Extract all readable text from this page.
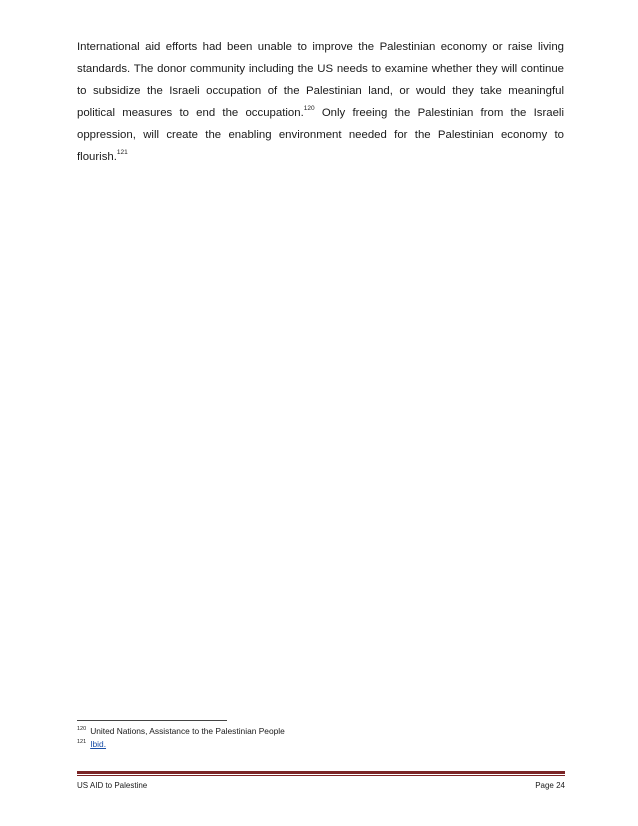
International aid efforts had been unable to improve the Palestinian economy or raise living
standards. The donor community including the US needs to examine whether they will continue
to subsidize the Israeli occupation of the Palestinian land, or would they take meaningful
political measures to end the occupation.$^{120}$ Only freeing the Palestinian from the Israeli
oppression, will create the enabling environment needed for the Palestinian economy to
flourish.$^{121}$
$^{120}$ United Nations, Assistance to the Palestinian People
$^{121}$ Ibid.
US AID to Palestine	Page 24
